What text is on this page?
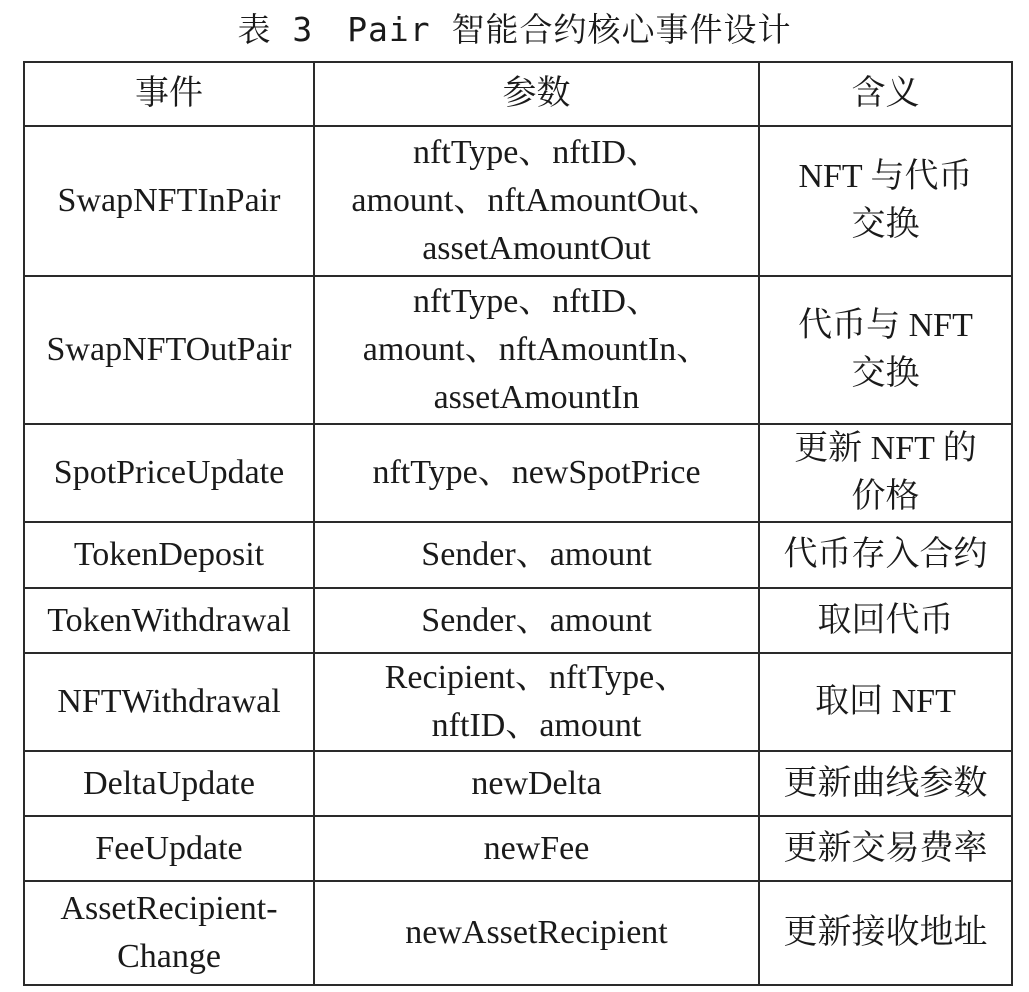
表 3　Pair 智能合约核心事件设计
事件	参数	含义

SwapNFTInPair	nftType、nftID、
amount、nftAmountOut、
assetAmountOut	NFT 与代币
交换

SwapNFTOutPair	nftType、nftID、
amount、nftAmountIn、
assetAmountIn	代币与 NFT
交换

SpotPriceUpdate	nftType、newSpotPrice	更新 NFT 的
价格

TokenDeposit	Sender、amount	代币存入合约

TokenWithdrawal	Sender、amount	取回代币

NFTWithdrawal	Recipient、nftType、
nftID、amount	取回 NFT

DeltaUpdate	newDelta	更新曲线参数

FeeUpdate	newFee	更新交易费率

AssetRecipient-
Change	newAssetRecipient	更新接收地址
